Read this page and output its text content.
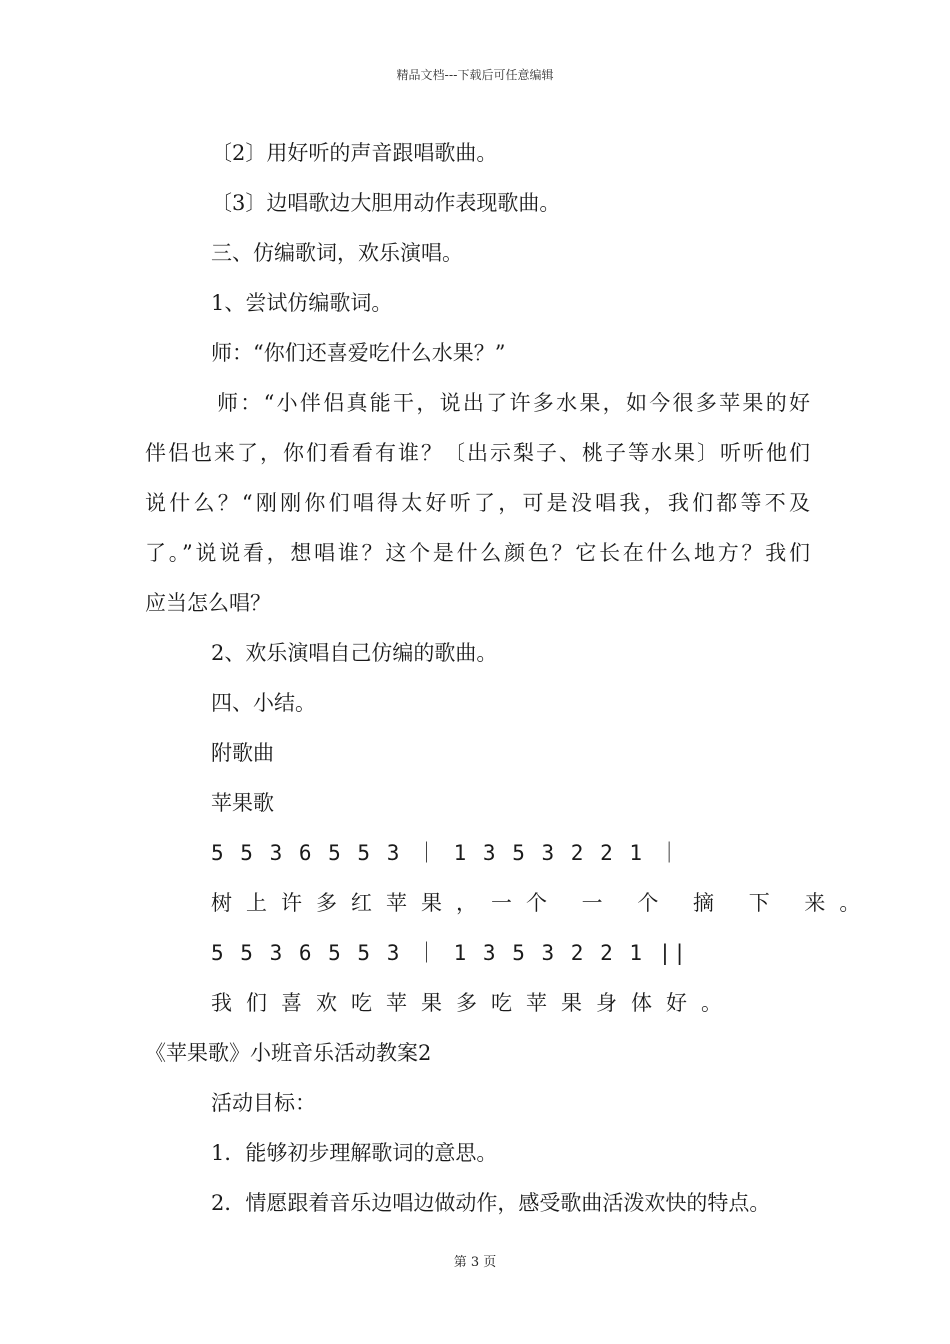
精品文档---下载后可任意编辑
〔2〕用好听的声音跟唱歌曲。
〔3〕边唱歌边大胆用动作表现歌曲。
三、仿编歌词，欢乐演唱。
1、尝试仿编歌词。
师：“你们还喜爱吃什么水果？”
师：“小伴侣真能干，说出了许多水果，如今很多苹果的好
伴侣也来了，你们看看有谁？〔出示梨子、桃子等水果〕听听他们
说什么？“刚刚你们唱得太好听了，可是没唱我，我们都等不及
了。”说说看，想唱谁？这个是什么颜色？它长在什么地方？我们
应当怎么唱？
2、欢乐演唱自己仿编的歌曲。
四、小结。
附歌曲
苹果歌
5 5 3 6 5 5 3 ｜ 1 3 5 3 2 2 1 ｜
树上许多红苹果，一个 一 个 摘 下 来。
5 5 3 6 5 5 3 ｜ 1 3 5 3 2 2 1 ||
我们喜欢吃苹果多吃苹果身体好。
《苹果歌》小班音乐活动教案2
活动目标：
1．能够初步理解歌词的意思。
2．情愿跟着音乐边唱边做动作，感受歌曲活泼欢快的特点。
第 3 页
